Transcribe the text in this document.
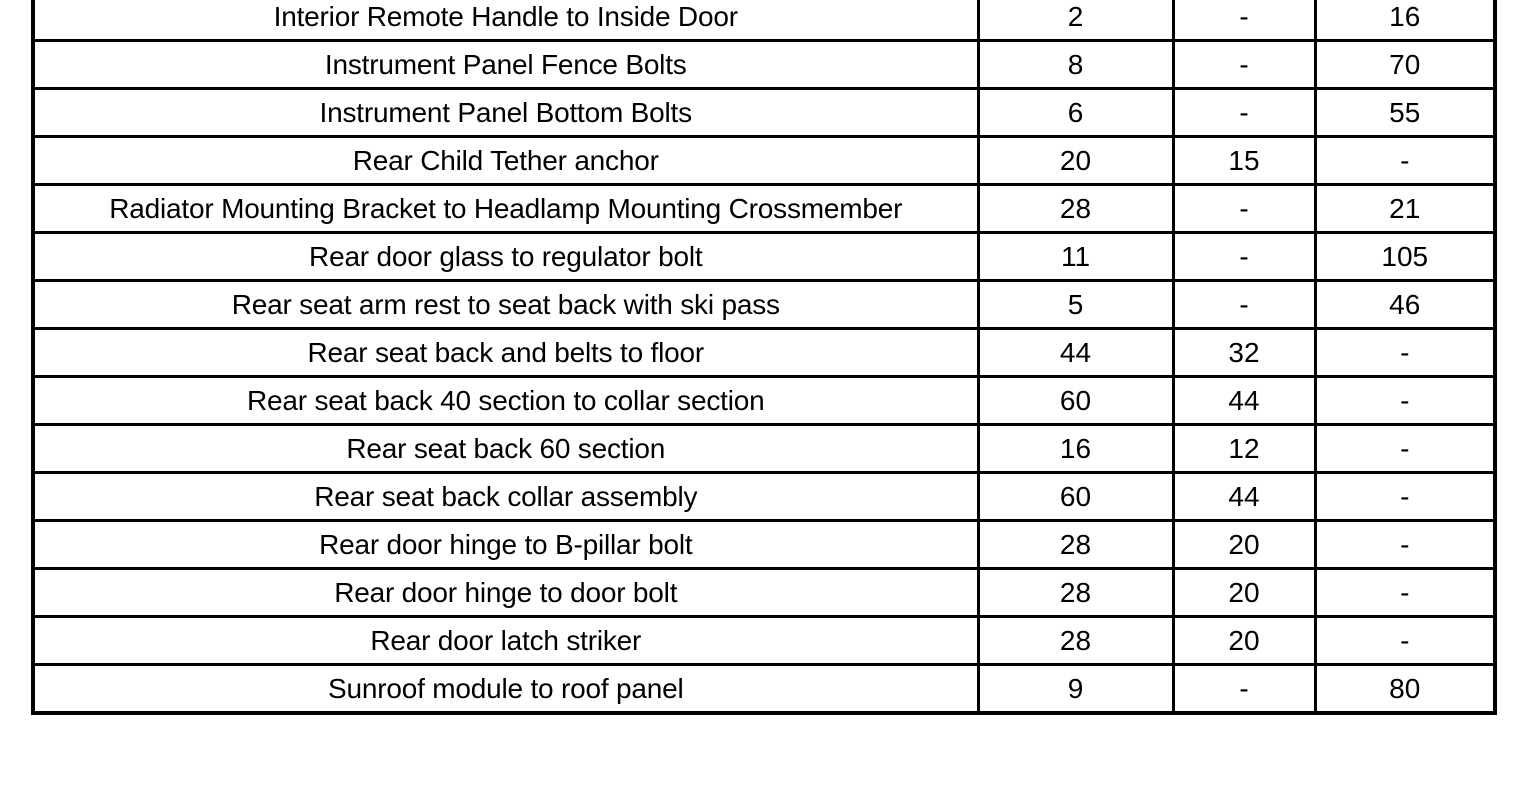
Interior Remote Handle to Inside Door	2	-	16
Instrument Panel Fence Bolts	8	-	70
Instrument Panel Bottom Bolts	6	-	55
Rear Child Tether anchor	20	15	-
Radiator Mounting Bracket to Headlamp Mounting Crossmember	28	-	21
Rear door glass to regulator bolt	11	-	105
Rear seat arm rest to seat back with ski pass	5	-	46
Rear seat back and belts to floor	44	32	-
Rear seat back 40 section to collar section	60	44	-
Rear seat back 60 section	16	12	-
Rear seat back collar assembly	60	44	-
Rear door hinge to B-pillar bolt	28	20	-
Rear door hinge to door bolt	28	20	-
Rear door latch striker	28	20	-
Sunroof module to roof panel	9	-	80
